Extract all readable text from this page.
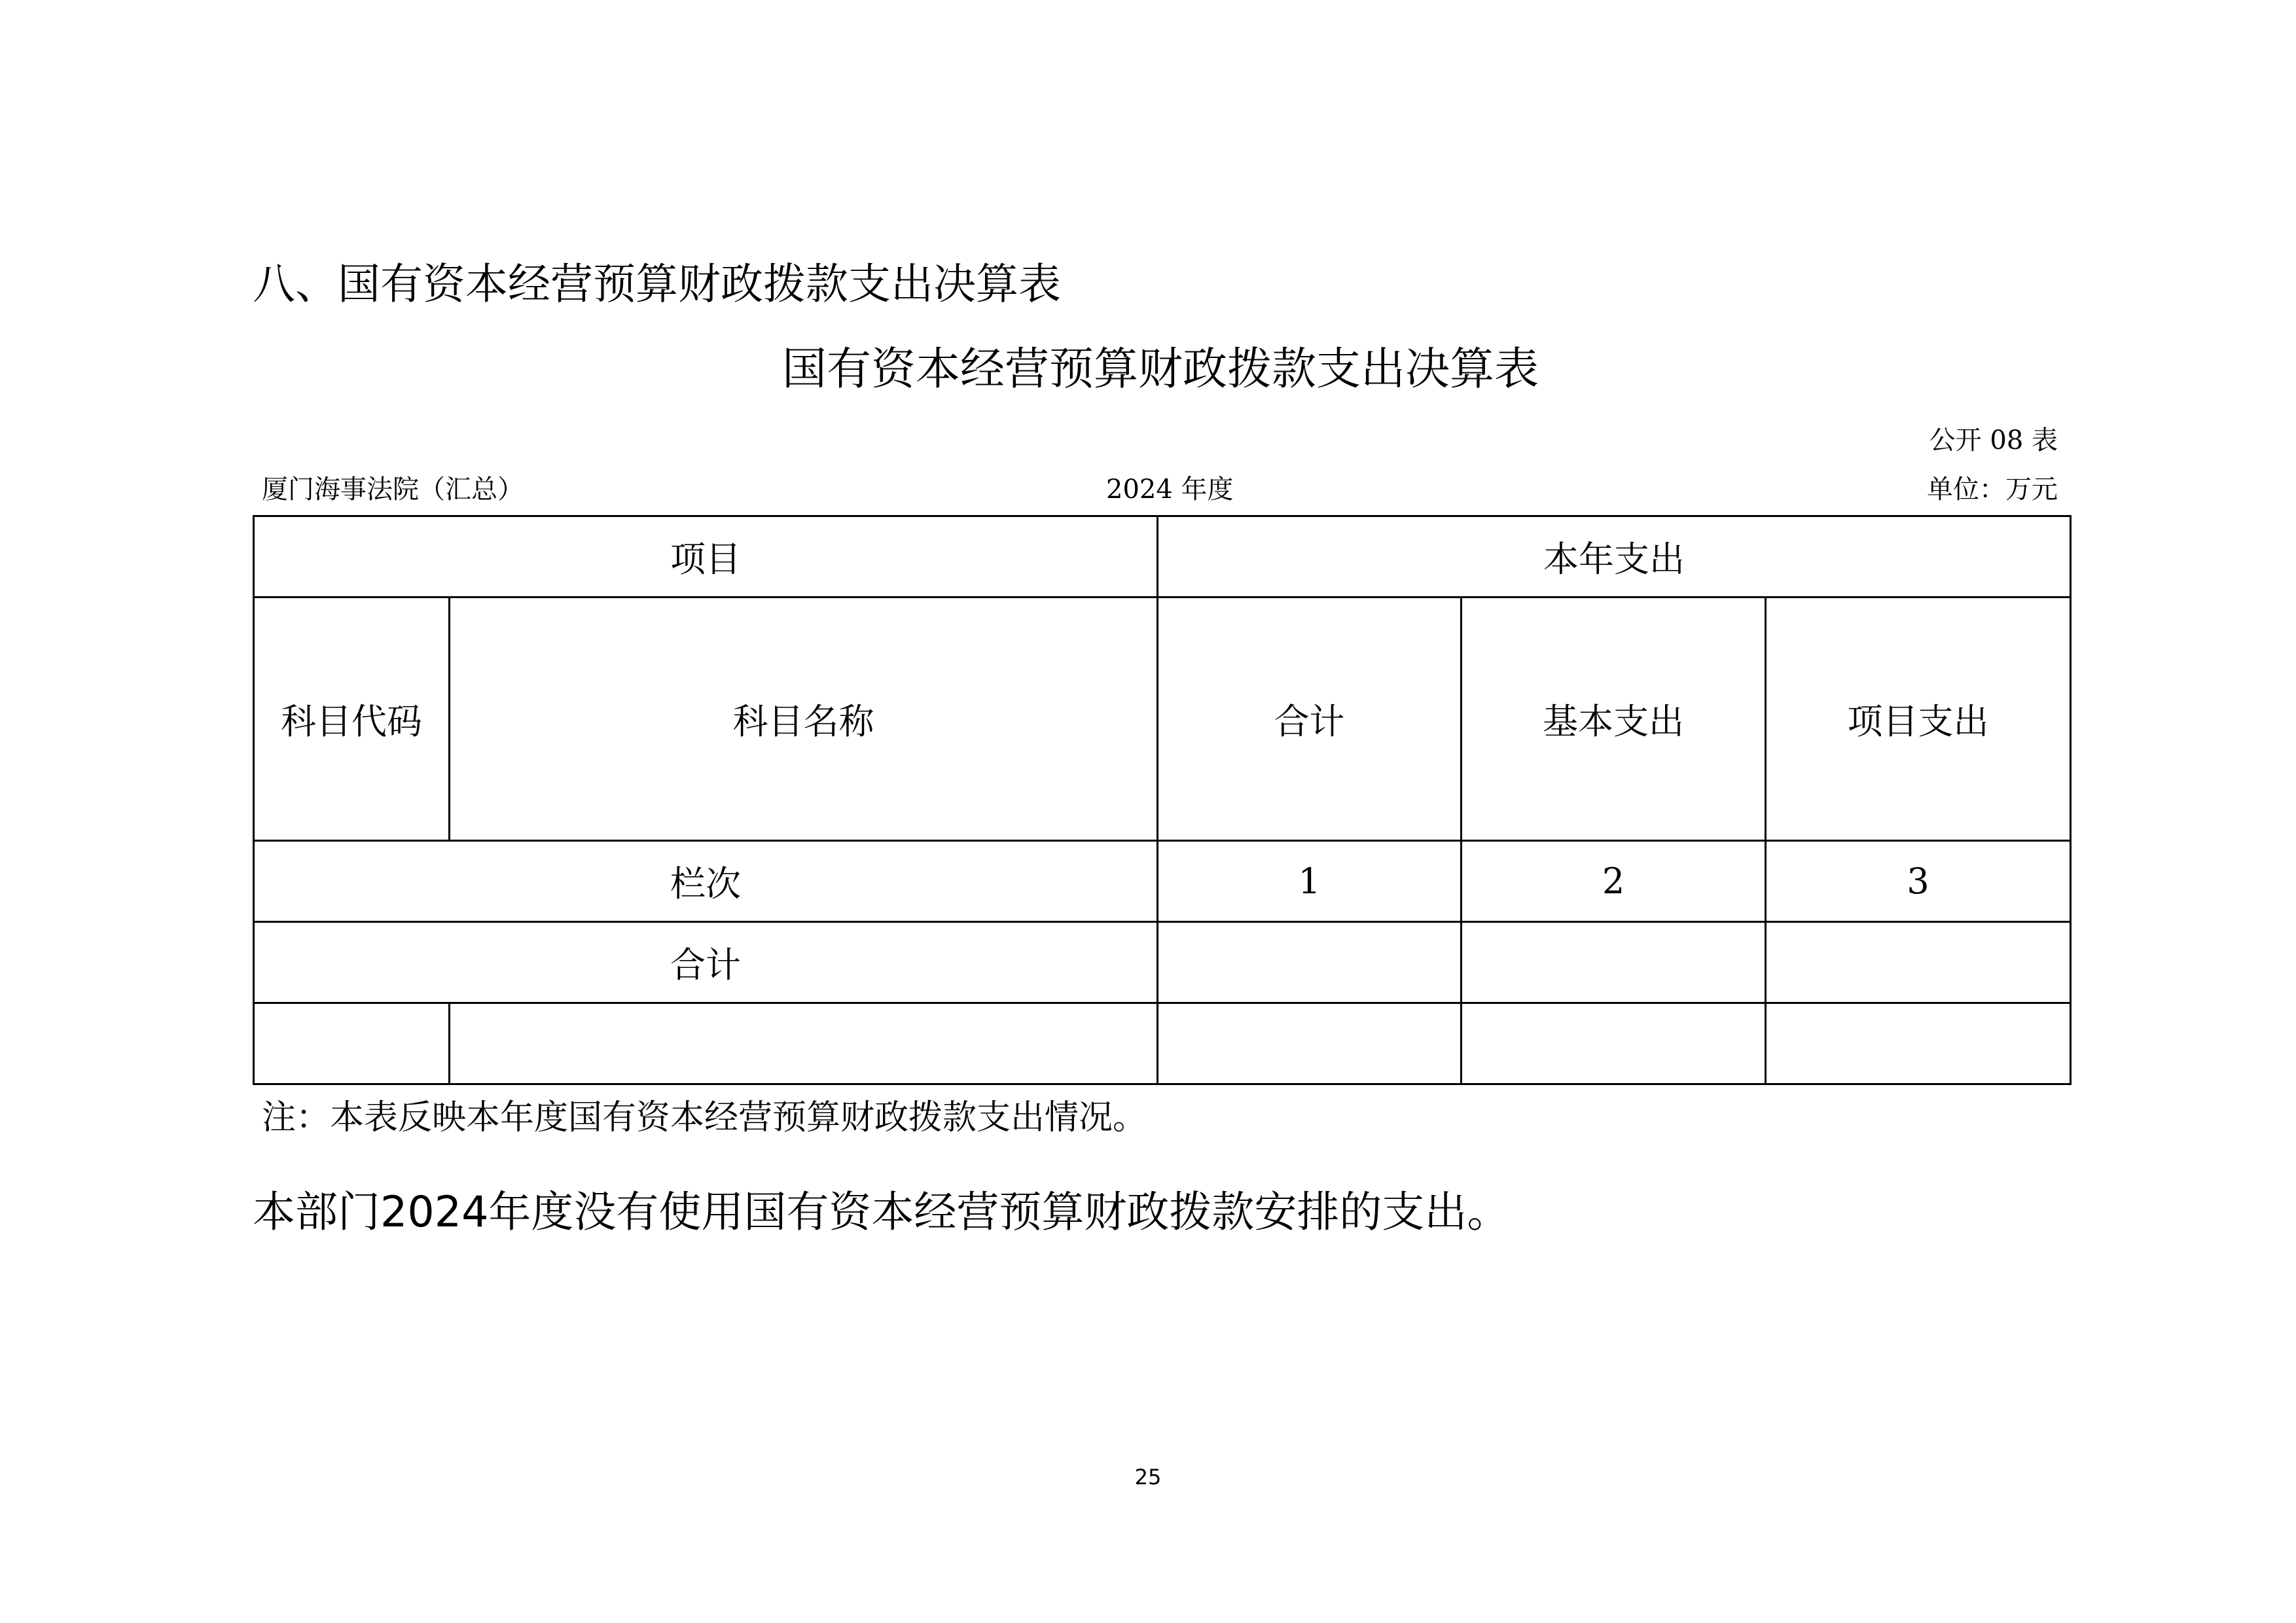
八、国有资本经营预算财政拨款支出决算表
国有资本经营预算财政拨款支出决算表
公开 08 表
厦门海事法院（汇总）	2024 年度	单位：万元
项目		本年支出		
科目代码	科目名称	合计	基本支出	项目支出
栏次		1	2	3
合计				

注：本表反映本年度国有资本经营预算财政拨款支出情况。
本部门2024年度没有使用国有资本经营预算财政拨款安排的支出。
25
